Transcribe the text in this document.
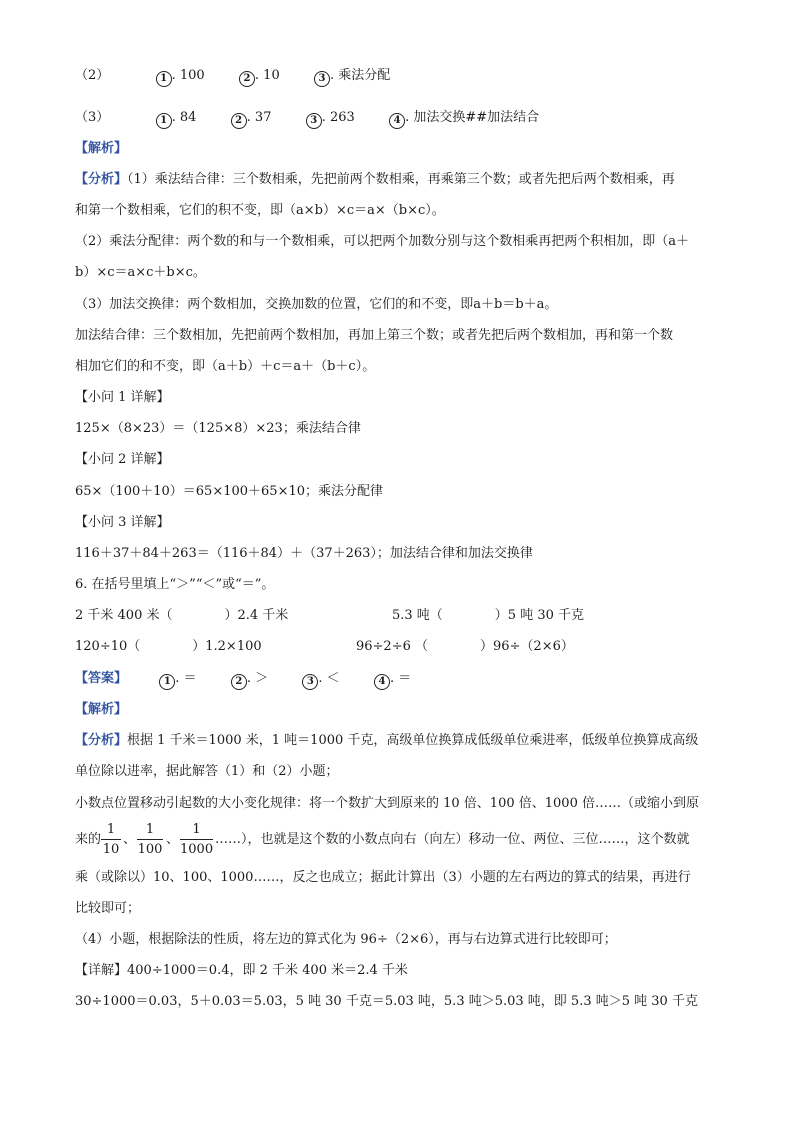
（2）	1 . 100	2 . 10	3 . 乘法分配
（3）	1 . 84	2 . 37	3 . 263	4 . 加法交换##加法结合
【解析】
【分析】（1）乘法结合律：三个数相乘，先把前两个数相乘，再乘第三个数；或者先把后两个数相乘，再
和第一个数相乘，它们的积不变，即（a×b）×c＝a×（b×c）。
（2）乘法分配律：两个数的和与一个数相乘，可以把两个加数分别与这个数相乘再把两个积相加，即（a＋
b）×c＝a×c＋b×c。
（3）加法交换律：两个数相加，交换加数的位置，它们的和不变，即a＋b＝b＋a。
加法结合律：三个数相加，先把前两个数相加，再加上第三个数；或者先把后两个数相加，再和第一个数
相加它们的和不变，即（a＋b）＋c＝a＋（b＋c）。
【小问 1 详解】
125×（8×23）＝（125×8）×23；乘法结合律
【小问 2 详解】
65×（100＋10）＝65×100＋65×10；乘法分配律
【小问 3 详解】
116＋37＋84＋263＝（116＋84）＋（37＋263）；加法结合律和加法交换律
6. 在括号里填上“＞”“＜”或“＝”。
2 千米 400 米（　　　　）2.4 千米	5.3 吨（　　　　）5 吨 30 千克
120÷10（　　　　）1.2×100	96÷2÷6 （　　　　）96÷（2×6）
【答案】	1 . ＝	2 . ＞	3 . ＜	4 . ＝
【解析】
【分析】根据 1 千米＝1000 米，1 吨＝1000 千克，高级单位换算成低级单位乘进率，低级单位换算成高级
单位除以进率，据此解答（1）和（2）小题；
小数点位置移动引起数的大小变化规律：将一个数扩大到原来的 10 倍、100 倍、1000 倍……（或缩小到原
来的
1
10
、
1
100
、
1
1000
……），也就是这个数的小数点向右（向左）移动一位、两位、三位……，这个数就
乘（或除以）10、100、1000……，反之也成立；据此计算出（3）小题的左右两边的算式的结果，再进行
比较即可；
（4）小题，根据除法的性质，将左边的算式化为 96÷（2×6），再与右边算式进行比较即可；
【详解】400÷1000＝0.4，即 2 千米 400 米＝2.4 千米
30÷1000＝0.03，5＋0.03＝5.03，5 吨 30 千克＝5.03 吨，5.3 吨＞5.03 吨，即 5.3 吨＞5 吨 30 千克
